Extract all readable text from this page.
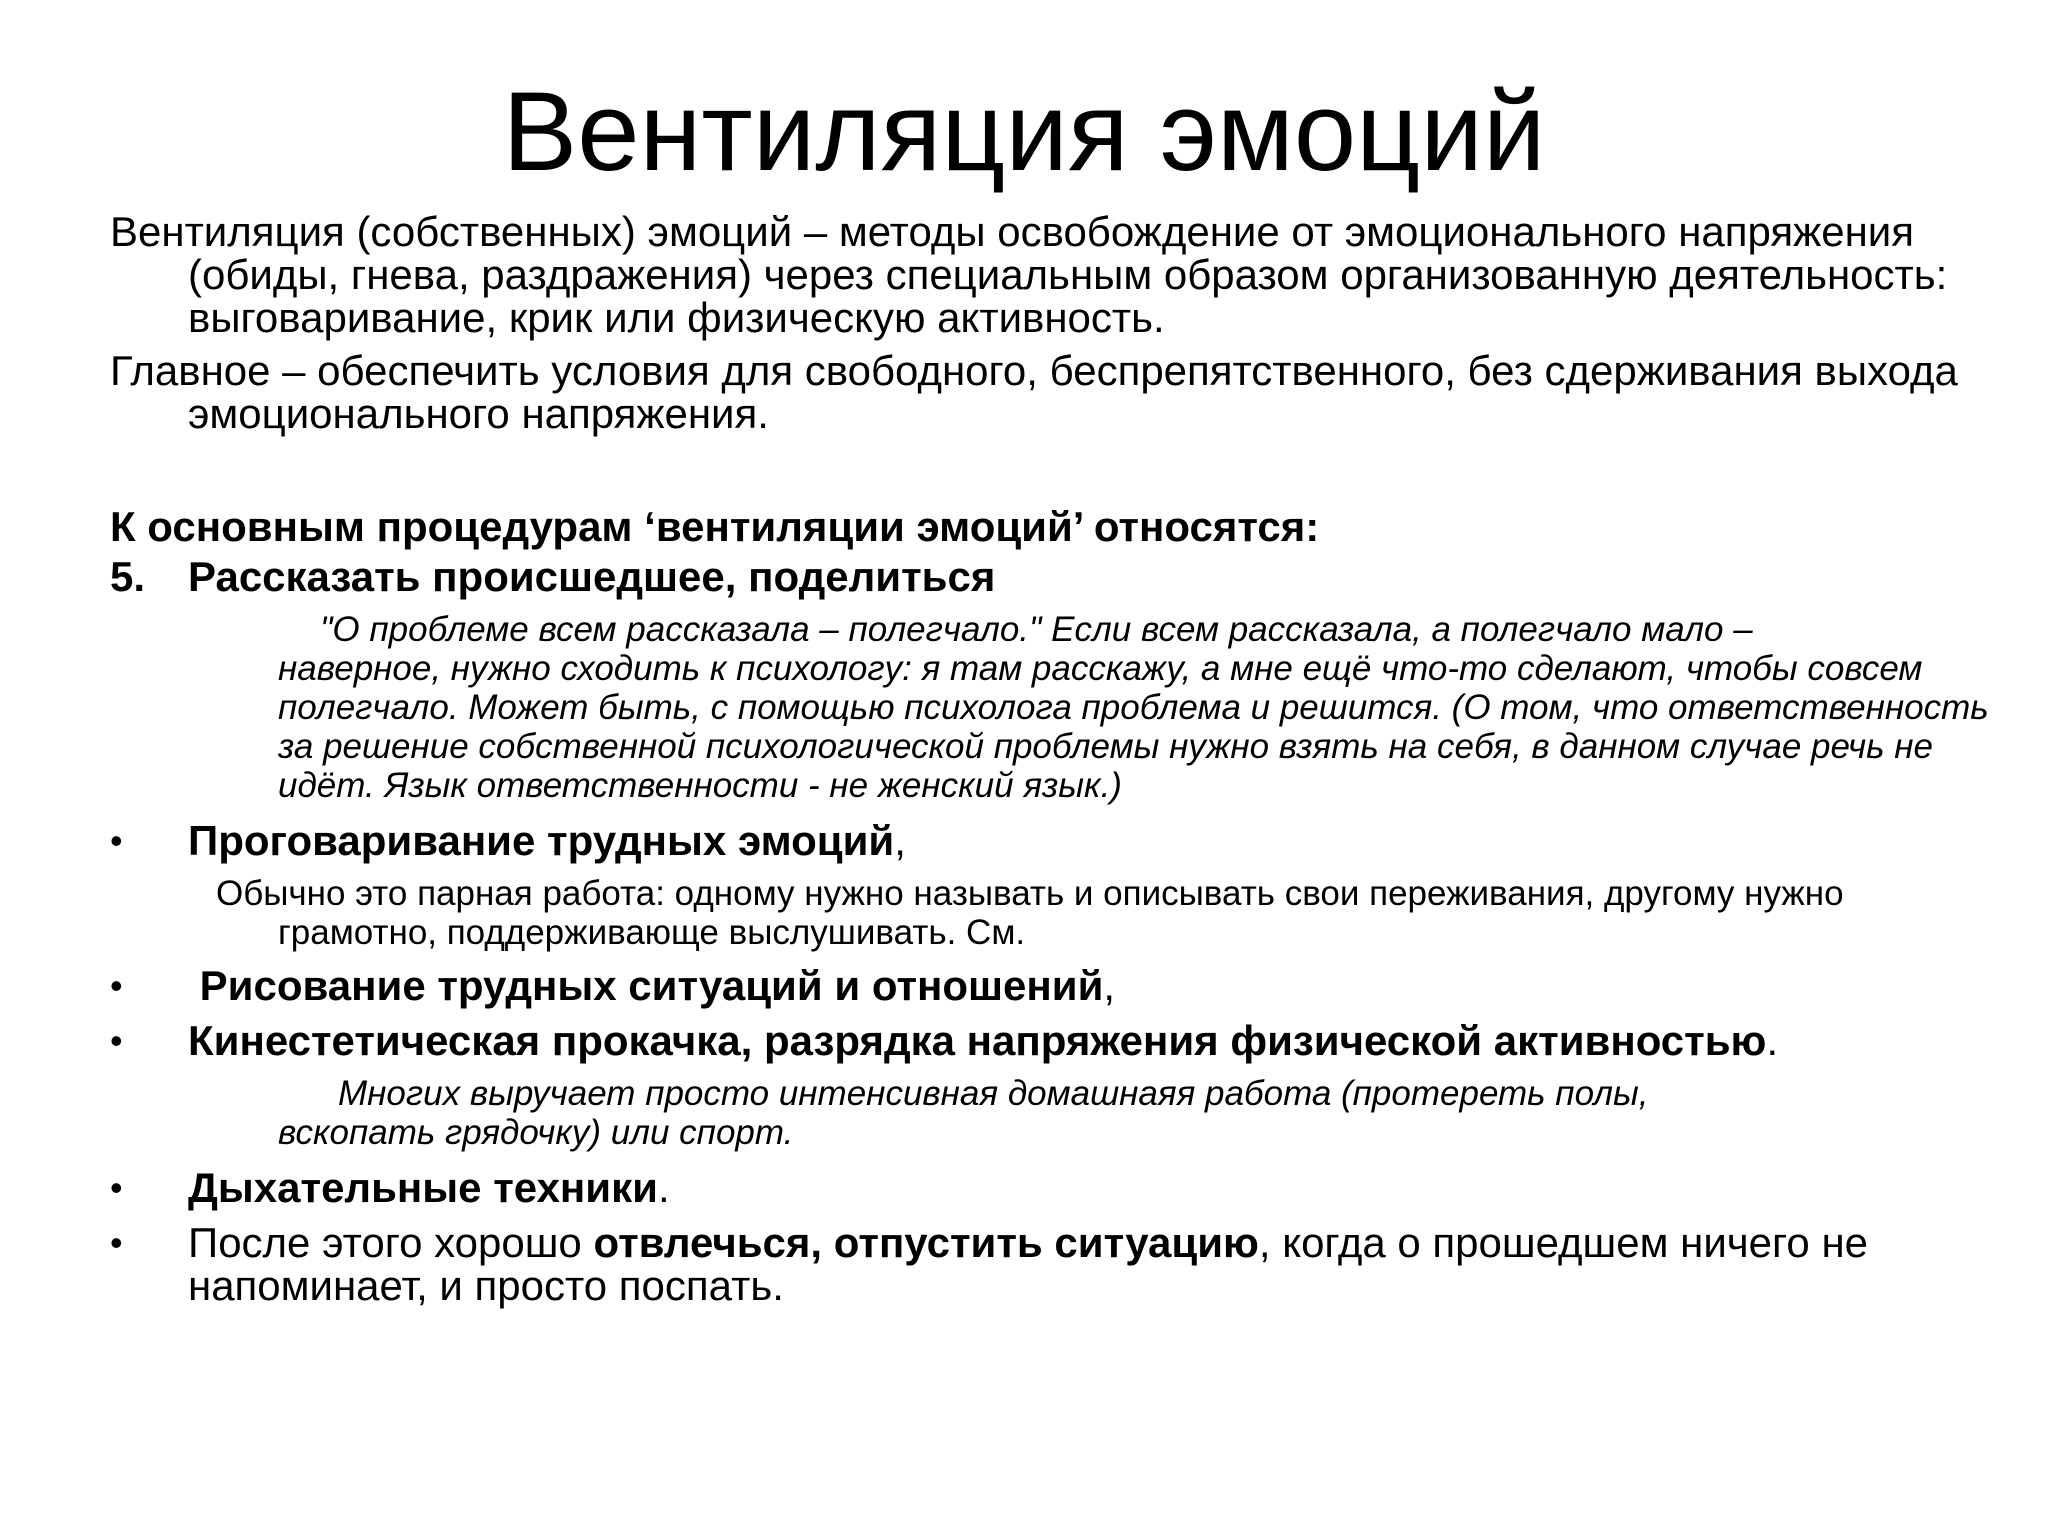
Вентиляция эмоций

Вентиляция (собственных) эмоций – методы освобождение от эмоционального напряжения (обиды, гнева, раздражения) через специальным образом организованную деятельность: выговаривание, крик или физическую активность.

Главное – обеспечить условия для свободного, беспрепятственного, без сдерживания выхода эмоционального напряжения.

К основным процедурам ‘вентиляции эмоций’ относятся:

5. Рассказать происшедшее, поделиться
"О проблеме всем рассказала – полегчало." Если всем рассказала, а полегчало мало –
наверное, нужно сходить к психологу: я там расскажу, а мне ещё что-то сделают, чтобы совсем полегчало. Может быть, с помощью психолога проблема и решится. (О том, что ответственность за решение собственной психологической проблемы нужно взять на себя, в данном случае речь не идёт. Язык ответственности - не женский язык.)
• Проговаривание трудных эмоций,
Обычно это парная работа: одному нужно называть и описывать свои переживания, другому нужно грамотно, поддерживающе выслушивать. См.
• Рисование трудных ситуаций и отношений,
• Кинестетическая прокачка, разрядка напряжения физической активностью.
Многих выручает просто интенсивная домашнаяя работа (протереть полы,
вскопать грядочку) или спорт.
• Дыхательные техники.
• После этого хорошо отвлечься, отпустить ситуацию, когда о прошедшем ничего не напоминает, и просто поспать.
